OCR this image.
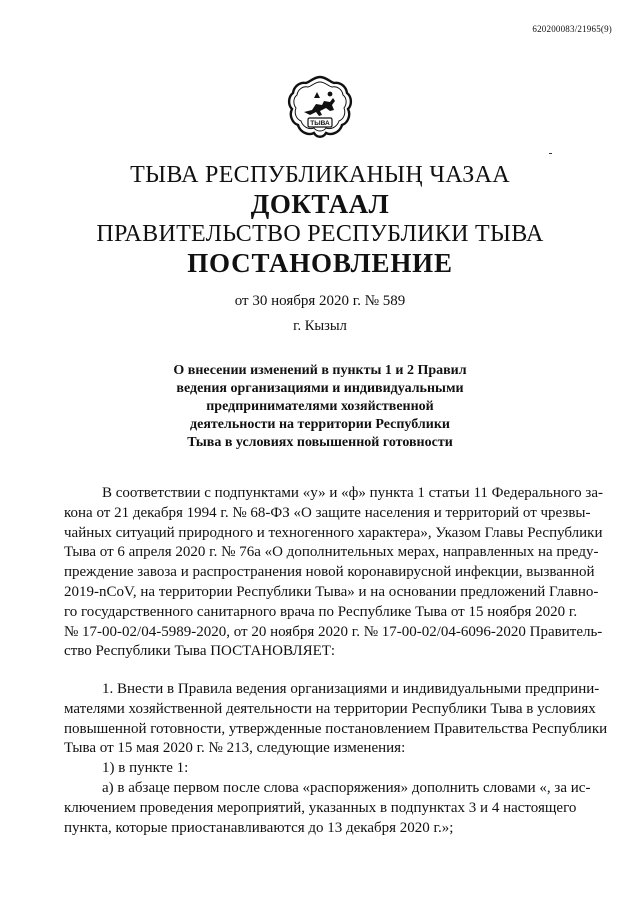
620200083/21965(9)
ТЫВА
ТЫВА РЕСПУБЛИКАНЫҢ ЧАЗАА
ДОКТААЛ
ПРАВИТЕЛЬСТВО РЕСПУБЛИКИ ТЫВА
ПОСТАНОВЛЕНИЕ
от 30 ноября 2020 г. № 589
г. Кызыл
О внесении изменений в пункты 1 и 2 Правил
ведения организациями и индивидуальными
предпринимателями хозяйственной
деятельности на территории Республики
Тыва в условиях повышенной готовности
В соответствии с подпунктами «у» и «ф» пункта 1 статьи 11 Федерального за-
кона от 21 декабря 1994 г. № 68-ФЗ «О защите населения и территорий от чрезвы-
чайных ситуаций природного и техногенного характера», Указом Главы Республики
Тыва от 6 апреля 2020 г. № 76а «О дополнительных мерах, направленных на преду-
преждение завоза и распространения новой коронавирусной инфекции, вызванной
2019-nCoV, на территории Республики Тыва» и на основании предложений Главно-
го государственного санитарного врача по Республике Тыва от 15 ноября 2020 г.
№ 17-00-02/04-5989-2020, от 20 ноября 2020 г. № 17-00-02/04-6096-2020 Правитель-
ство Республики Тыва ПОСТАНОВЛЯЕТ:
1. Внести в Правила ведения организациями и индивидуальными предприни-
мателями хозяйственной деятельности на территории Республики Тыва в условиях
повышенной готовности, утвержденные постановлением Правительства Республики
Тыва от 15 мая 2020 г. № 213, следующие изменения:
1) в пункте 1:
а) в абзаце первом после слова «распоряжения» дополнить словами «, за ис-
ключением проведения мероприятий, указанных в подпунктах 3 и 4 настоящего
пункта, которые приостанавливаются до 13 декабря 2020 г.»;
